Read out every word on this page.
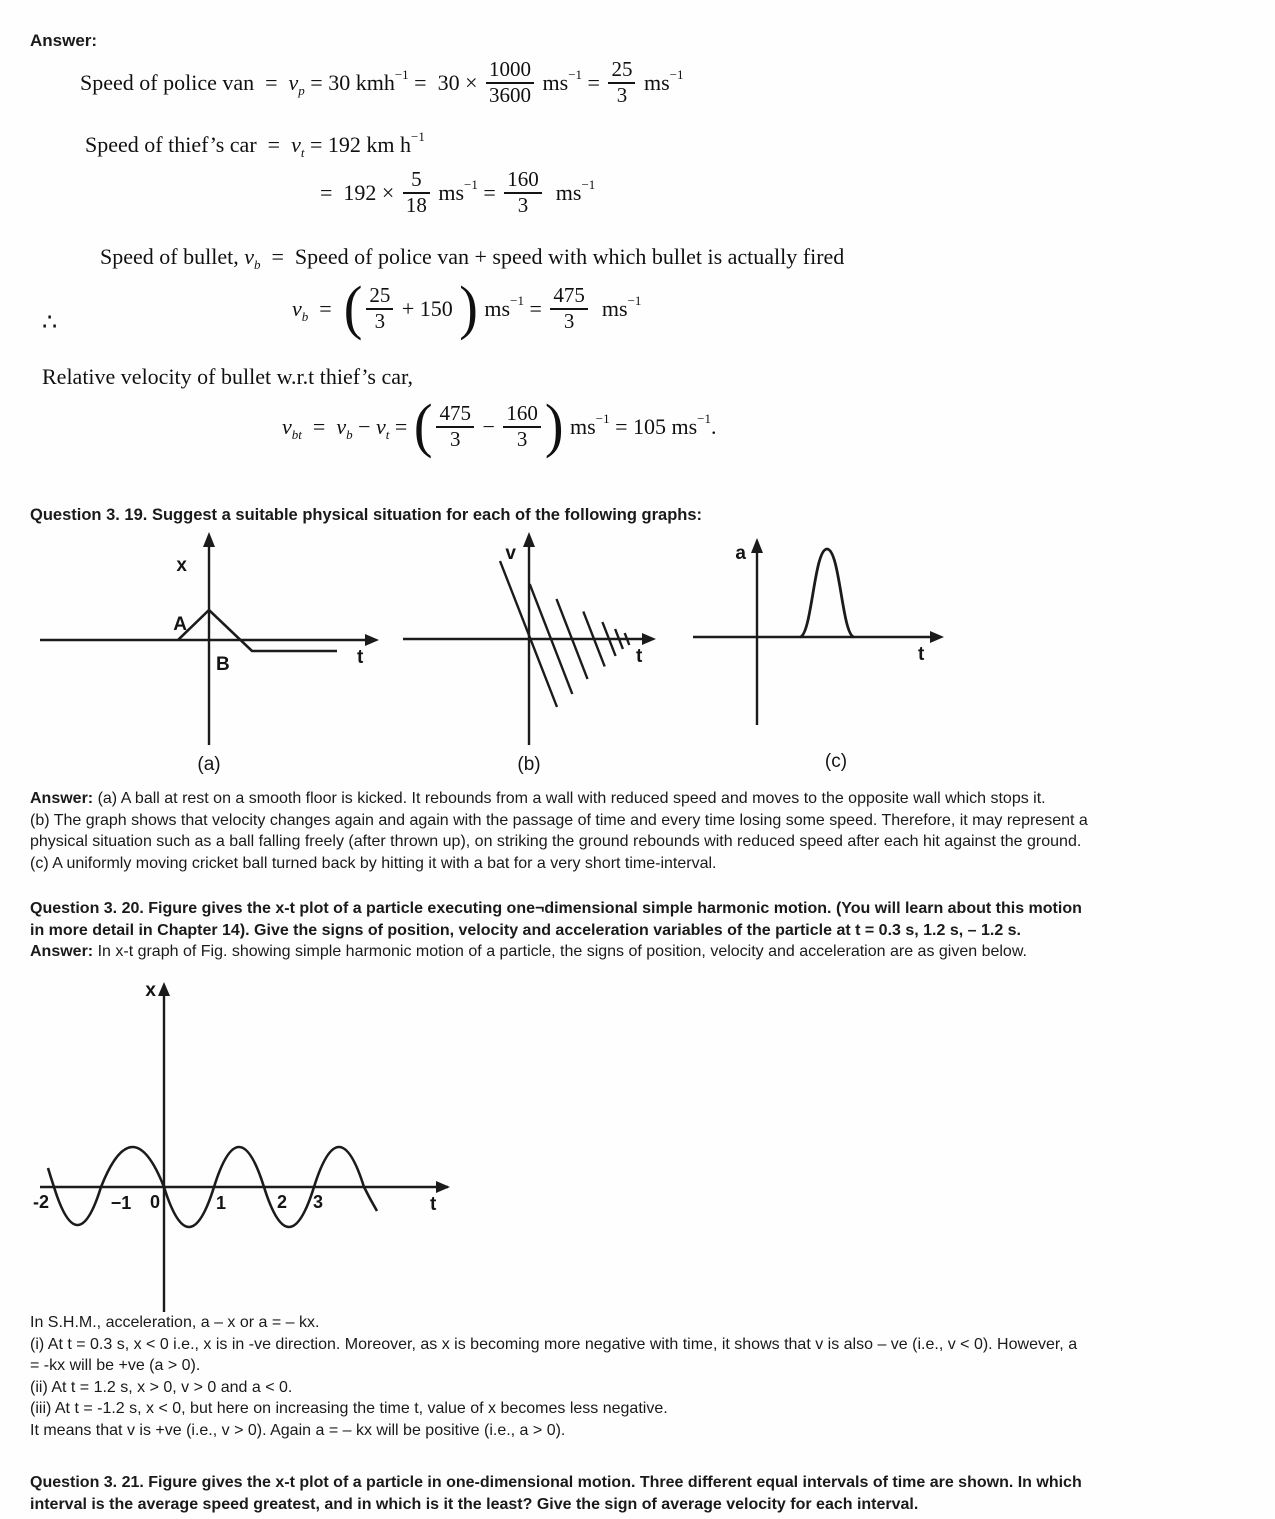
Answer:
Speed of police van  = v p = 30 kmh $-1 = 30 \times \frac{1000}{3600}$ ms $-1 = \frac{25}{3}$ ms −1
Speed of thief’s car  = v t = 192 km h −1
=  $192 \times \frac{5}{18}$ ms $-1 = \frac{160}{3}$ ms −1
Speed of bullet, v b =  Speed of police van + speed with which bullet is actually fired
∴
v b = ( $\frac{25}{3} + 150$ ) ms $-1 = \frac{475}{3}$ ms −1
Relative velocity of bullet w.r.t thief’s car,
v bt = v b − v t = ( $\frac{475}{3} - \frac{160}{3}$ ) ms −1 = 105 ms −1 .
Question 3. 19. Suggest a suitable physical situation for each of the following graphs:
x
A
B	t
(a)
v
t
(b)
a
t
(c)
Answer: (a) A ball at rest on a smooth floor is kicked. It rebounds from a wall with reduced speed and moves to the opposite wall which stops it.
(b) The graph shows that velocity changes again and again with the passage of time and every time losing some speed. Therefore, it may represent a
physical situation such as a ball falling freely (after thrown up), on striking the ground rebounds with reduced speed after each hit against the ground.
(c) A uniformly moving cricket ball turned back by hitting it with a bat for a very short time-interval.
Question 3. 20. Figure gives the x-t plot of a particle executing one¬dimensional simple harmonic motion. (You will learn about this motion
in more detail in Chapter 14). Give the signs of position, velocity and acceleration variables of the particle at t = 0.3 s, 1.2 s, – 1.2 s.
Answer: In x-t graph of Fig. showing simple harmonic motion of a particle, the signs of position, velocity and acceleration are as given below.
x
t
-2	−1 0	1	2 3
In S.H.M., acceleration, a – x or a = – kx.
(i) At t = 0.3 s, x < 0 i.e., x is in -ve direction. Moreover, as x is becoming more negative with time, it shows that v is also – ve (i.e., v < 0). However, a
= -kx will be +ve (a > 0).
(ii) At t = 1.2 s, x > 0, v > 0 and a < 0.
(iii) At t = -1.2 s, x < 0, but here on increasing the time t, value of x becomes less negative.
It means that v is +ve (i.e., v > 0). Again a = – kx will be positive (i.e., a > 0).
Question 3. 21. Figure gives the x-t plot of a particle in one-dimensional motion. Three different equal intervals of time are shown. In which
interval is the average speed greatest, and in which is it the least? Give the sign of average velocity for each interval.
